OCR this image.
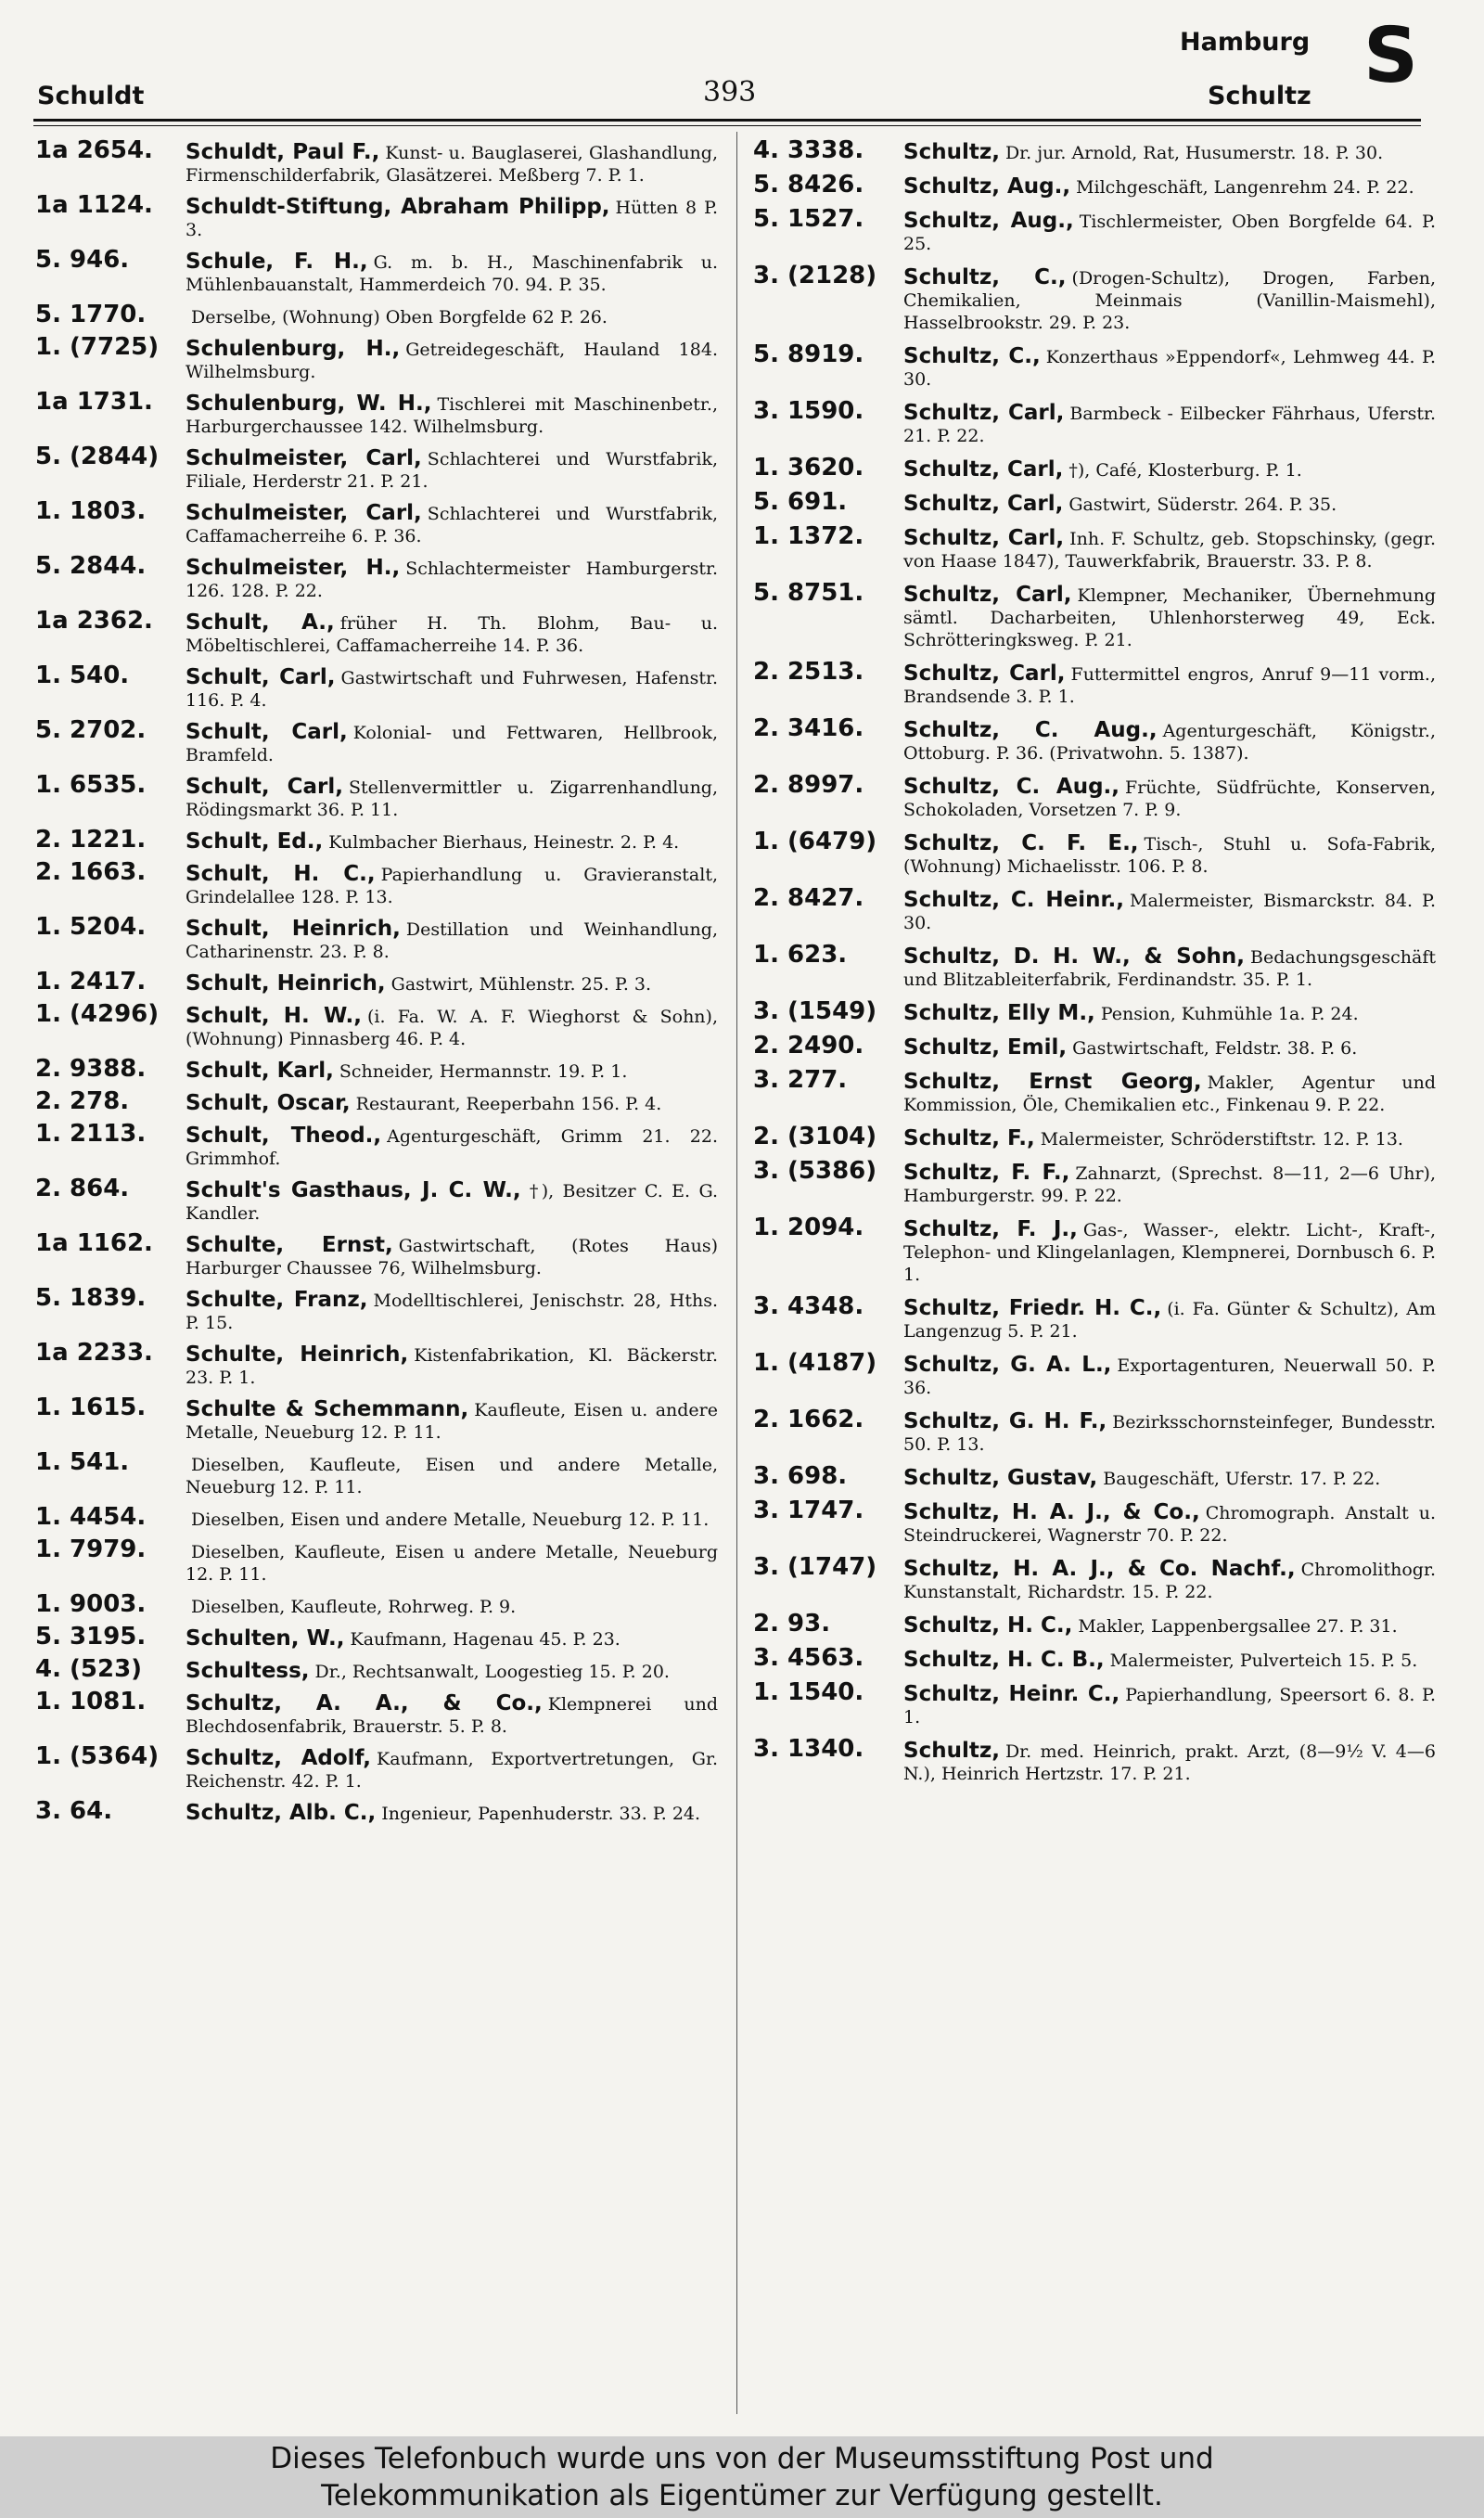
Schuldt	393
Hamburg
Schultz S
1a 2654. Schuldt, Paul F., Kunst- u. Bauglaserei, Glashandlung, Firmenschilderfabrik, Glasätzerei. Meßberg 7. P. 1.
1a 1124. Schuldt-Stiftung, Abraham Philipp, Hütten 8 P. 3.
5. 946.	Schule, F. H., G. m. b. H., Maschinenfabrik u. Mühlenbauanstalt, Hammerdeich 70. 94. P. 35.
5. 1770.	Derselbe, (Wohnung) Oben Borgfelde 62 P. 26.
1. (7725) Schulenburg, H., Getreidegeschäft, Hauland 184. Wilhelmsburg.
1a 1731. Schulenburg, W. H., Tischlerei mit Maschinenbetr., Harburgerchaussee 142. Wilhelmsburg.
5. (2844) Schulmeister, Carl, Schlachterei und Wurstfabrik, Filiale, Herderstr 21. P. 21.
1. 1803. Schulmeister, Carl, Schlachterei und Wurstfabrik, Caffamacherreihe 6. P. 36.
5. 2844. Schulmeister, H., Schlachtermeister Hamburgerstr. 126. 128. P. 22.
1a 2362. Schult, A., früher H. Th. Blohm, Bau- u. Möbeltischlerei, Caffamacherreihe 14. P. 36.
1. 540.	Schult, Carl, Gastwirtschaft und Fuhrwesen, Hafenstr. 116. P. 4.
5. 2702. Schult, Carl, Kolonial- und Fettwaren, Hellbrook, Bramfeld.
1. 6535. Schult, Carl, Stellenvermittler u. Zigarrenhandlung, Rödingsmarkt 36. P. 11.
2. 1221. Schult, Ed., Kulmbacher Bierhaus, Heinestr. 2. P. 4.
2. 1663. Schult, H. C., Papierhandlung u. Gravieranstalt, Grindelallee 128. P. 13.
1. 5204. Schult, Heinrich, Destillation und Weinhandlung, Catharinenstr. 23. P. 8.
1. 2417. Schult, Heinrich, Gastwirt, Mühlenstr. 25. P. 3.
1. (4296) Schult, H. W., (i. Fa. W. A. F. Wieghorst & Sohn), (Wohnung) Pinnasberg 46. P. 4.
2. 9388. Schult, Karl, Schneider, Hermannstr. 19. P. 1.
2. 278.	Schult, Oscar, Restaurant, Reeperbahn 156. P. 4.
1. 2113. Schult, Theod., Agenturgeschäft, Grimm 21. 22. Grimmhof.
2. 864.	Schult's Gasthaus, J. C. W., †), Besitzer C. E. G. Kandler.
1a 1162. Schulte, Ernst, Gastwirtschaft, (Rotes Haus) Harburger Chaussee 76, Wilhelmsburg.
5. 1839. Schulte, Franz, Modelltischlerei, Jenischstr. 28, Hths. P. 15.
1a 2233. Schulte, Heinrich, Kistenfabrikation, Kl. Bäckerstr. 23. P. 1.
1. 1615. Schulte & Schemmann, Kaufleute, Eisen u. andere Metalle, Neueburg 12. P. 11.
1. 541.	Dieselben, Kaufleute, Eisen und andere Metalle, Neueburg 12. P. 11.
1. 4454.	Dieselben, Eisen und andere Metalle, Neueburg 12. P. 11.
1. 7979.	Dieselben, Kaufleute, Eisen u andere Metalle, Neueburg 12. P. 11.
1. 9003.	Dieselben, Kaufleute, Rohrweg. P. 9.
5. 3195. Schulten, W., Kaufmann, Hagenau 45. P. 23.
4. (523) Schultess, Dr., Rechtsanwalt, Loogestieg 15. P. 20.
1. 1081. Schultz, A. A., & Co., Klempnerei und Blechdosenfabrik, Brauerstr. 5. P. 8.
1. (5364) Schultz, Adolf, Kaufmann, Exportvertretungen, Gr. Reichenstr. 42. P. 1.
3. 64.	Schultz, Alb. C., Ingenieur, Papenhuderstr. 33. P. 24.
4. 3338. Schultz, Dr. jur. Arnold, Rat, Husumerstr. 18. P. 30.
5. 8426. Schultz, Aug., Milchgeschäft, Langenrehm 24. P. 22.
5. 1527. Schultz, Aug., Tischlermeister, Oben Borgfelde 64. P. 25.
3. (2128) Schultz, C., (Drogen-Schultz), Drogen, Farben, Chemikalien, Meinmais (Vanillin-Maismehl), Hasselbrookstr. 29. P. 23.
5. 8919. Schultz, C., Konzerthaus »Eppendorf«, Lehmweg 44. P. 30.
3. 1590. Schultz, Carl, Barmbeck - Eilbecker Fährhaus, Uferstr. 21. P. 22.
1. 3620. Schultz, Carl, †), Café, Klosterburg. P. 1.
5. 691.	Schultz, Carl, Gastwirt, Süderstr. 264. P. 35.
1. 1372. Schultz, Carl, Inh. F. Schultz, geb. Stopschinsky, (gegr. von Haase 1847), Tauwerkfabrik, Brauerstr. 33. P. 8.
5. 8751. Schultz, Carl, Klempner, Mechaniker, Übernehmung sämtl. Dacharbeiten, Uhlenhorsterweg 49, Eck. Schrötteringksweg. P. 21.
2. 2513. Schultz, Carl, Futtermittel engros, Anruf 9—11 vorm., Brandsende 3. P. 1.
2. 3416. Schultz, C. Aug., Agenturgeschäft, Königstr., Ottoburg. P. 36. (Privatwohn. 5. 1387).
2. 8997. Schultz, C. Aug., Früchte, Südfrüchte, Konserven, Schokoladen, Vorsetzen 7. P. 9.
1. (6479) Schultz, C. F. E., Tisch-, Stuhl u. Sofa-Fabrik, (Wohnung) Michaelisstr. 106. P. 8.
2. 8427. Schultz, C. Heinr., Malermeister, Bismarckstr. 84. P. 30.
1. 623.	Schultz, D. H. W., & Sohn, Bedachungsgeschäft und Blitzableiterfabrik, Ferdinandstr. 35. P. 1.
3. (1549) Schultz, Elly M., Pension, Kuhmühle 1a. P. 24.
2. 2490. Schultz, Emil, Gastwirtschaft, Feldstr. 38. P. 6.
3. 277.	Schultz, Ernst Georg, Makler, Agentur und Kommission, Öle, Chemikalien etc., Finkenau 9. P. 22.
2. (3104) Schultz, F., Malermeister, Schröderstiftstr. 12. P. 13.
3. (5386) Schultz, F. F., Zahnarzt, (Sprechst. 8—11, 2—6 Uhr), Hamburgerstr. 99. P. 22.
1. 2094. Schultz, F. J., Gas-, Wasser-, elektr. Licht-, Kraft-, Telephon- und Klingelanlagen, Klempnerei, Dornbusch 6. P. 1.
3. 4348. Schultz, Friedr. H. C., (i. Fa. Günter & Schultz), Am Langenzug 5. P. 21.
1. (4187) Schultz, G. A. L., Exportagenturen, Neuerwall 50. P. 36.
2. 1662. Schultz, G. H. F., Bezirksschornsteinfeger, Bundesstr. 50. P. 13.
3. 698.	Schultz, Gustav, Baugeschäft, Uferstr. 17. P. 22.
3. 1747. Schultz, H. A. J., & Co., Chromograph. Anstalt u. Steindruckerei, Wagnerstr 70. P. 22.
3. (1747) Schultz, H. A. J., & Co. Nachf., Chromolithogr. Kunstanstalt, Richardstr. 15. P. 22.
2. 93.	Schultz, H. C., Makler, Lappenbergsallee 27. P. 31.
3. 4563. Schultz, H. C. B., Malermeister, Pulverteich 15. P. 5.
1. 1540. Schultz, Heinr. C., Papierhandlung, Speersort 6. 8. P. 1.
3. 1340. Schultz, Dr. med. Heinrich, prakt. Arzt, (8—9½ V. 4—6 N.), Heinrich Hertzstr. 17. P. 21.
Dieses Telefonbuch wurde uns von der Museumsstiftung Post und
Telekommunikation als Eigentümer zur Verfügung gestellt.
